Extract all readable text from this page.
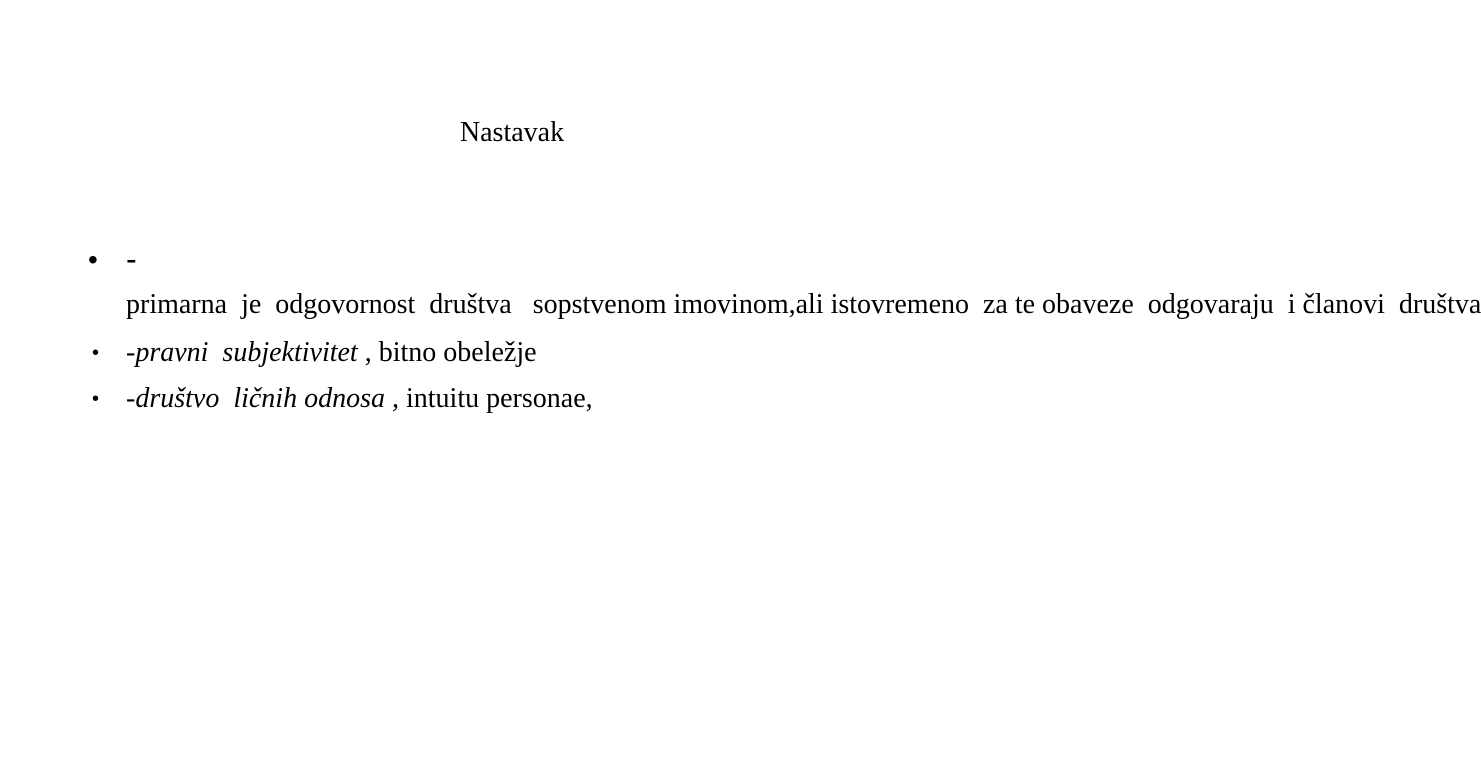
Nastavak
• -primarna  je  odgovornost  društva   sopstvenom imovinom,ali istovremeno  za te obaveze  odgovaraju  i članovi  društva
• -pravni  subjektivitet , bitno obeležje
• -društvo  ličnih odnosa , intuitu personae,
